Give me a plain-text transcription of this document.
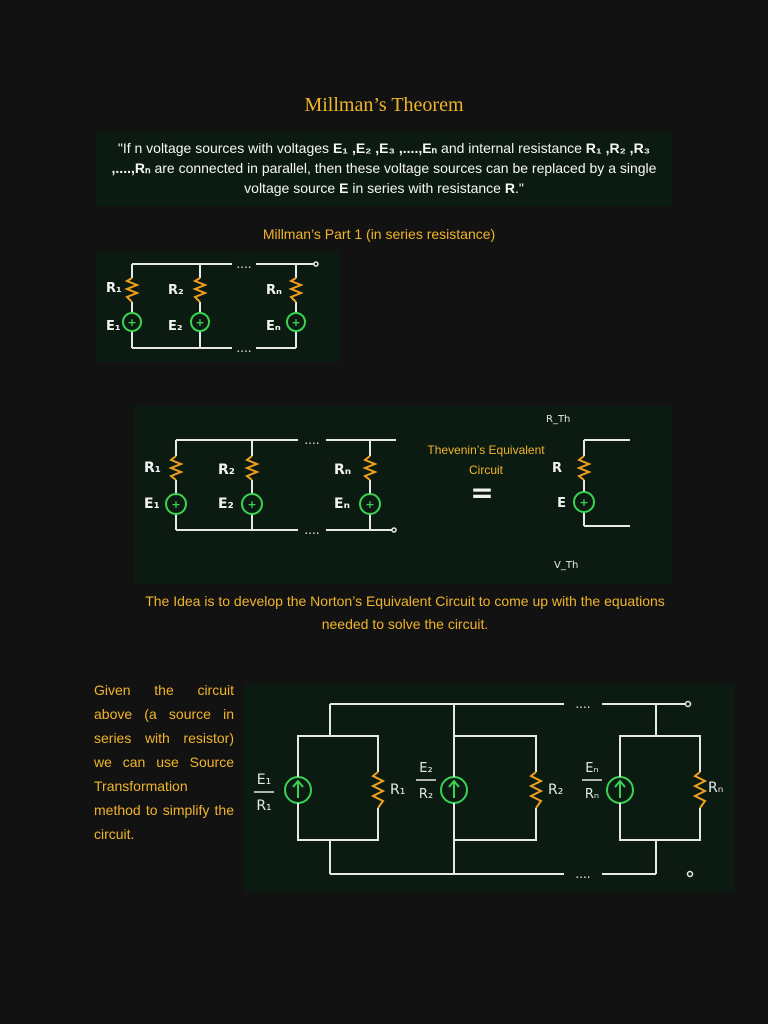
Millman’s Theorem
"If n voltage sources with voltages E₁ ,E₂ ,E₃ ,....,Eₙ and internal resistance R₁ ,R₂ ,R₃ ,....,Rₙ are connected in parallel, then these voltage sources can be replaced by a single voltage source E in series with resistance R."
Millman’s Part 1 (in series resistance)
....
....
+	+	+
R₁	R₂	Rₙ
E₁	E₂	Eₙ
....
....
+	+	+	+
R₁	R₂	Rₙ
E₁	E₂	Eₙ	=
R
E
R_Th
V_Th
Thevenin’s Equivalent Circuit
The Idea is to develop the Norton’s Equivalent Circuit to come up with the equations needed to solve the circuit.
Given the circuit above (a source in series with resistor) we can use Source Transformation method to simplify the circuit.
....
....
E₁
R₁
E₂
R₂
Eₙ
Rₙ
R₁	R₂	Rₙ
